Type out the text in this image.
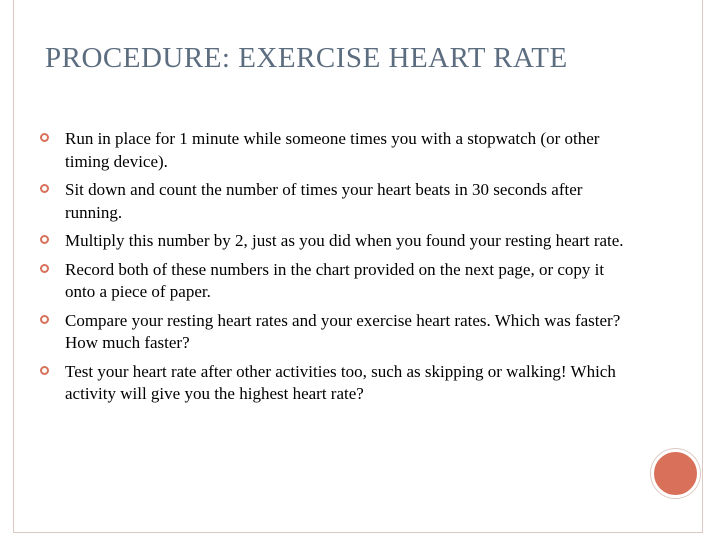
PROCEDURE: EXERCISE HEART RATE
Run in place for 1 minute while someone times you with a stopwatch (or other timing device).
Sit down and count the number of times your heart beats in 30 seconds after running.
Multiply this number by 2, just as you did when you found your resting heart rate.
Record both of these numbers in the chart provided on the next page, or copy it onto a piece of paper.
Compare your resting heart rates and your exercise heart rates. Which was faster? How much faster?
Test your heart rate after other activities too, such as skipping or walking! Which activity will give you the highest heart rate?
